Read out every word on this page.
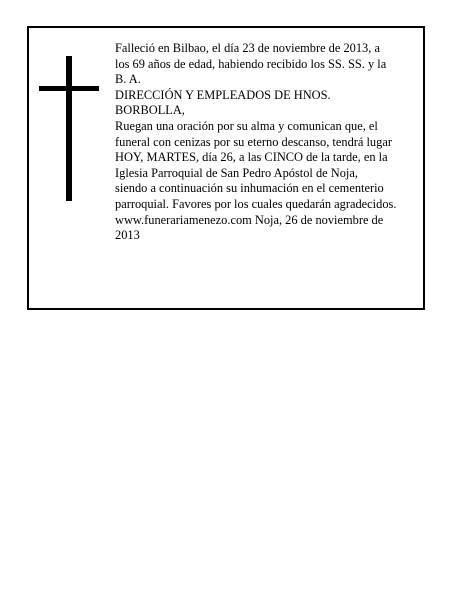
Falleció en Bilbao, el día 23 de noviembre de 2013, a
los 69 años de edad, habiendo recibido los SS. SS. y la
B. A.
DIRECCIÓN Y EMPLEADOS DE HNOS.
BORBOLLA,
Ruegan una oración por su alma y comunican que, el
funeral con cenizas por su eterno descanso, tendrá lugar
HOY, MARTES, día 26, a las CINCO de la tarde, en la
Iglesia Parroquial de San Pedro Apóstol de Noja,
siendo a continuación su inhumación en el cementerio
parroquial. Favores por los cuales quedarán agradecidos.
www.funerariamenezo.com Noja, 26 de noviembre de
2013
